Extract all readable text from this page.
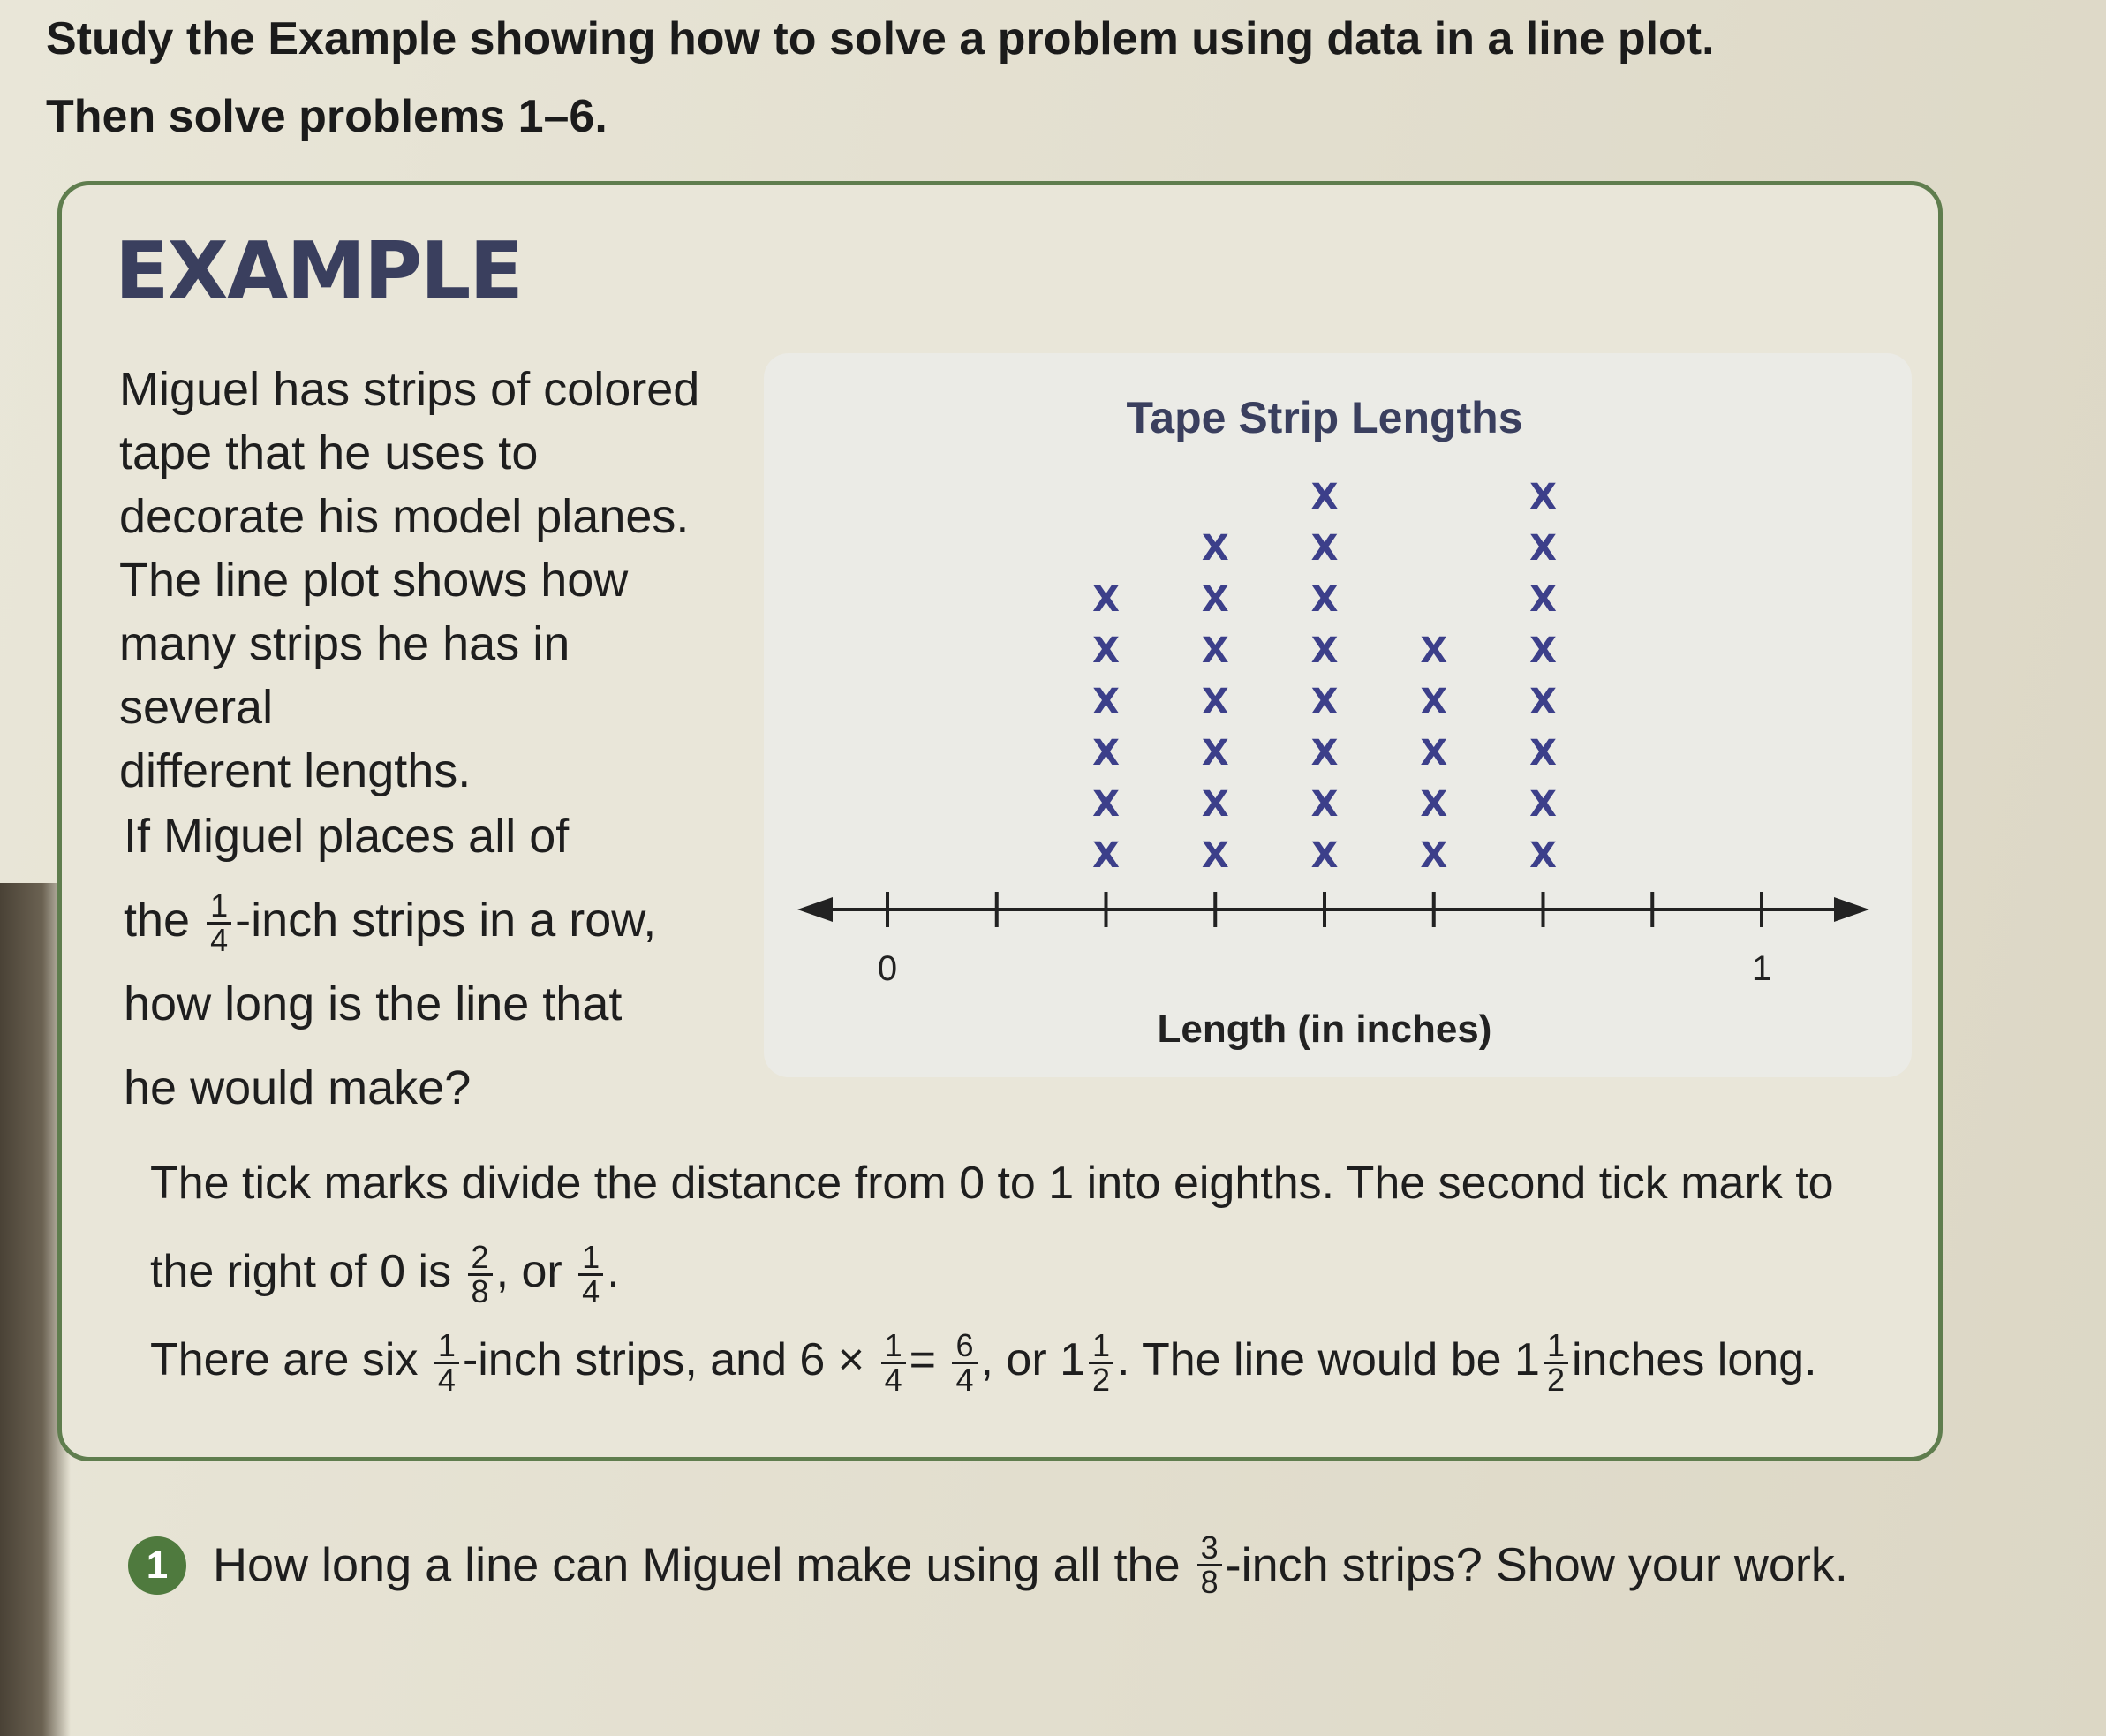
Study the Example showing how to solve a problem using data in a line plot.
Then solve problems 1–6.
EXAMPLE

Miguel has strips of colored

tape that he uses to

decorate his model planes.

The line plot shows how

many strips he has in several

different lengths.

If Miguel places all of
the $\frac{1}{4}$ -inch strips in a row,
how long is the line that
he would make?
Tape Strip Lengths
0	1
Length (in inches)
X
X
X
X
X
X
X
X
X
X
X
X
X
X
X
X
X
X
X
X
X
X
X
X
X
X
X
X
X
X
X
X
X
X
The tick marks divide the distance from 0 to 1 into eighths. The second tick mark to
the right of 0 is $\frac{2}{8}$ , or $\frac{1}{4}$ .
There are six $\frac{1}{4}$ -inch strips, and $6 \times \frac{1}{4} = \frac{6}{4}$ , or $1 \frac{1}{2}$ . The line would be $1 \frac{1}{2}$ inches long.
1 How long a line can Miguel make using all the $\frac{3}{8}$ -inch strips? Show your work.
